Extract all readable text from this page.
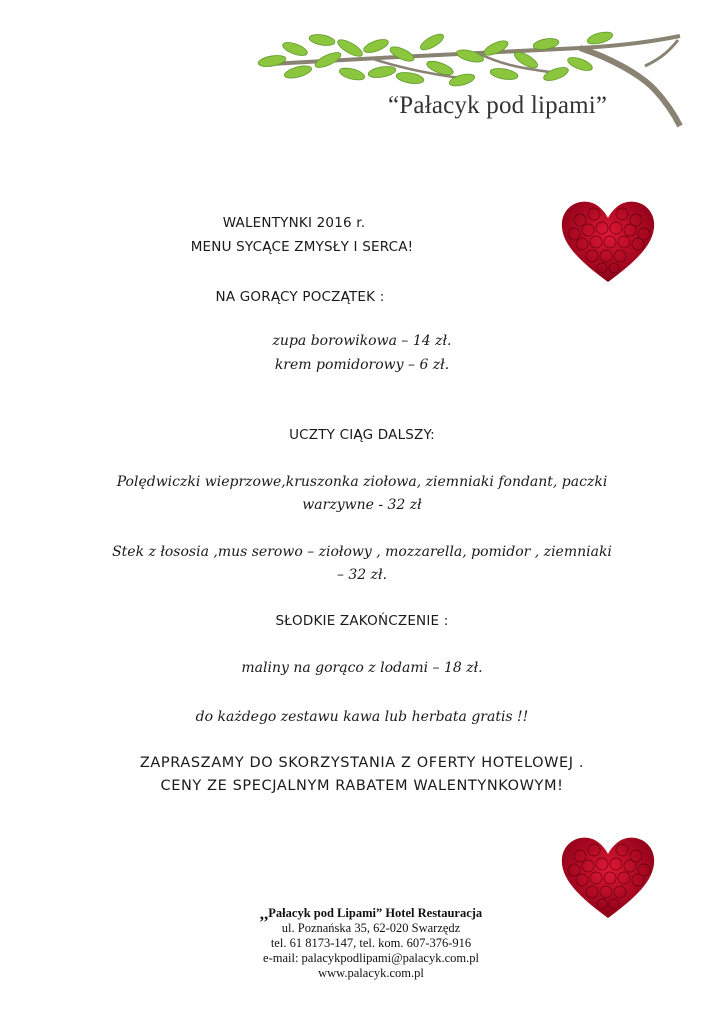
“Pałacyk pod lipami”
WALENTYNKI 2016 r.
MENU SYCĄCE ZMYSŁY I SERCA!
NA GORĄCY POCZĄTEK :
zupa borowikowa – 14 zł.
krem pomidorowy – 6 zł.
UCZTY CIĄG DALSZY:
Polędwiczki wieprzowe,kruszonka ziołowa, ziemniaki fondant, paczki
warzywne - 32 zł
Stek z łososia ,mus serowo – ziołowy , mozzarella, pomidor , ziemniaki
– 32 zł.
SŁODKIE ZAKOŃCZENIE :
maliny na gorąco z lodami – 18 zł.
do każdego zestawu kawa lub herbata gratis !!
ZAPRASZAMY DO SKORZYSTANIA Z OFERTY HOTELOWEJ .
CENY ZE SPECJALNYM RABATEM WALENTYNKOWYM!
,,Pałacyk pod Lipami” Hotel Restauracja
ul. Poznańska 35, 62-020 Swarzędz
tel. 61 8173-147, tel. kom. 607-376-916
e-mail: palacykpodlipami@palacyk.com.pl
www.palacyk.com.pl
